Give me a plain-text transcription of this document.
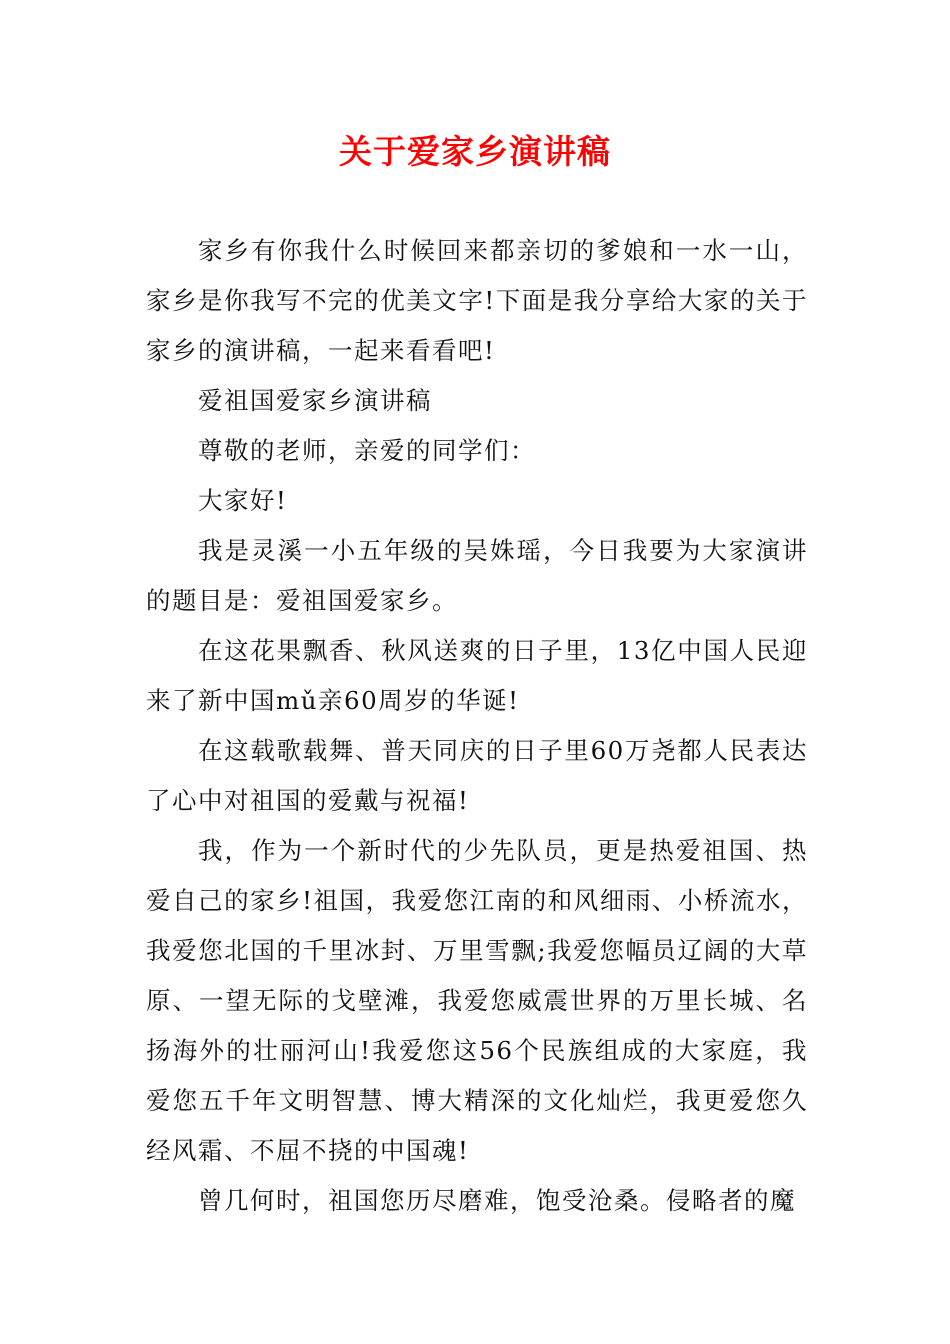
关于爱家乡演讲稿

家乡有你我什么时候回来都亲切的爹娘和一水一山，家乡是你我写不完的优美文字!下面是我分享给大家的关于家乡的演讲稿，一起来看看吧!

爱祖国爱家乡演讲稿

尊敬的老师，亲爱的同学们：

大家好!

我是灵溪一小五年级的吴姝瑶，今日我要为大家演讲的题目是：爱祖国爱家乡。

在这花果飘香、秋风送爽的日子里，13亿中国人民迎来了新中国mǔ亲60周岁的华诞!

在这载歌载舞、普天同庆的日子里60万尧都人民表达了心中对祖国的爱戴与祝福!

我，作为一个新时代的少先队员，更是热爱祖国、热爱自己的家乡!祖国，我爱您江南的和风细雨、小桥流水，我爱您北国的千里冰封、万里雪飘;我爱您幅员辽阔的大草原、一望无际的戈壁滩，我爱您威震世界的万里长城、名扬海外的壮丽河山!我爱您这56个民族组成的大家庭，我爱您五千年文明智慧、博大精深的文化灿烂，我更爱您久经风霜、不屈不挠的中国魂!

曾几何时，祖国您历尽磨难，饱受沧桑。侵略者的魔
